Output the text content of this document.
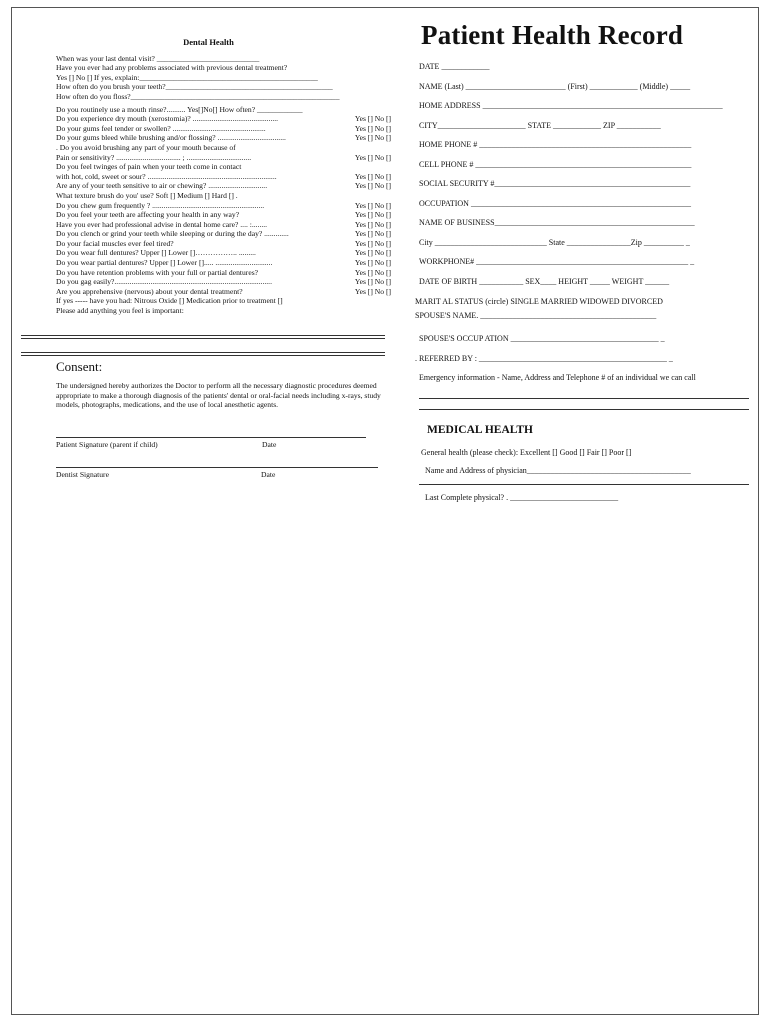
Dental Health
When was your last dental visit? ___________________________
Have you ever had any problems associated with previous dental treatment?
Yes [] No [] If yes, explain:_______________________________________________
How often do you brush your teeth?____________________________________________
How often do you floss?_______________________________________________________
Do you routinely use a mouth rinse?.......... Yes[]No[] How often? ____________
Yes [] No []
Do you experience dry mouth (xerostomia)? .............................................
Yes [] No []
Do your gums feel tender or swollen? .................................................
Yes [] No []
Do your gums bleed while brushing and/or flossing? ....................................
. Do you avoid brushing any part of your mouth because of
Yes [] No []
Pain or sensitivity? .................................. ; ..................................
Do you feel twinges of pain when your teeth come in contact
Yes [] No []
with hot, cold, sweet or sour? ....................................................................
Yes [] No []
Are any of your teeth sensitive to air or chewing? ...............................
What texture brush do you' use? Soft [] Medium [] Hard [] .
Yes [] No []
Do you chew gum frequently ? ...........................................................
Yes [] No []
Do you feel your teeth are affecting your health in any way?
Yes [] No []
Have you ever had professional advise in dental home care? .... :........
Yes [] No []
Do you clench or grind your teeth while sleeping or during the day? .............
Yes [] No []
Do your facial muscles ever feel tired?
Yes [] No []
Do you wear full dentures? Upper [] Lower []…………….. .........
Yes [] No []
Do you wear partial dentures? Upper [] Lower []..... ..............................
Yes [] No []
Do you have retention problems with your full or partial dentures?
Yes [] No []
Do you gag easily?...................................................................................
Yes [] No []
Are you apprehensive (nervous) about your dental treatment?
If yes ----- have you had: Nitrous Oxide [] Medication prior to treatment []
Please add anything you feel is important:
Consent:
The undersigned hereby authorizes the Doctor to perform all the necessary diagnostic procedures deemed appropriate to make a thorough diagnosis of the patients' dental or oral-facial needs including x-rays, study models, photographs, medications, and the use of local anesthetic agents.
Patient Signature (parent if child)	Date
Dentist Signature	Date
Patient Health Record
DATE ____________
NAME (Last) _________________________ (First) ____________ (Middle) _____
HOME ADDRESS ____________________________________________________________
CITY______________________ STATE ____________ ZIP ___________
HOME PHONE # _____________________________________________________
CELL PHONE # ______________________________________________________
SOCIAL SECURITY #_________________________________________________
OCCUPATION _______________________________________________________
NAME OF BUSINESS__________________________________________________
City ____________________________ State ________________Zip __________ _
WORKPHONE# _____________________________________________________ _
DATE OF BIRTH ___________ SEX____ HEIGHT _____ WEIGHT ______
MARIT AL STATUS (circle) SINGLE MARRIED WIDOWED DIVORCED
SPOUSE'S NAME. ____________________________________________
SPOUSE'S OCCUP ATION _____________________________________ _
. REFERRED BY : _______________________________________________ _
Emergency information - Name, Address and Telephone # of an individual we can call
MEDICAL HEALTH
General health (please check): Excellent [] Good [] Fair [] Poor []
Name and Address of physician_________________________________________
Last Complete physical? . ___________________________
